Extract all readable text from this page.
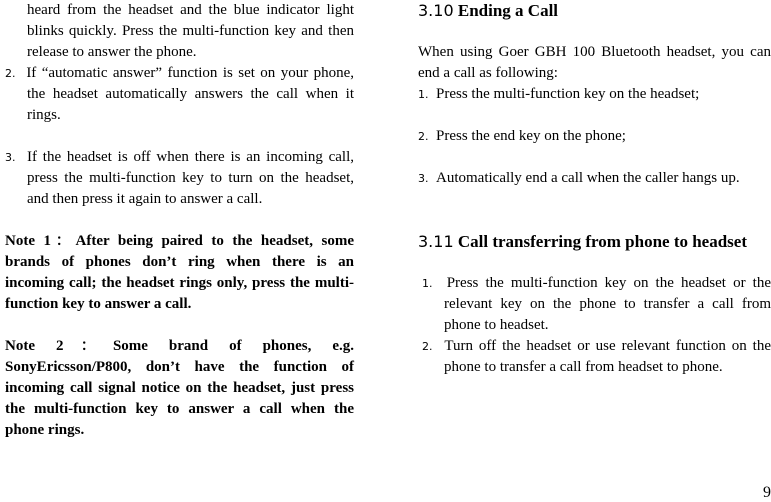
heard from the headset and the blue indicator light blinks quickly. Press the multi-function key and then release to answer the phone.

2. If “automatic answer” function is set on your phone, the headset automatically answers the call when it rings.

3. If the headset is off when there is an incoming call, press the multi-function key to turn on the headset, and then press it again to answer a call.

Note 1：After being paired to the headset, some brands of phones don’t ring when there is an incoming call; the headset rings only, press the multi-function key to answer a call.

Note 2：Some brand of phones, e.g. SonyEricsson/P800, don’t have the function of incoming call signal notice on the headset, just press the multi-function key to answer a call when the phone rings.

3.10 Ending a Call

When using Goer GBH 100 Bluetooth headset, you can end a call as following:

1. Press the multi-function key on the headset;

2. Press the end key on the phone;

3. Automatically end a call when the caller hangs up.

3.11 Call transferring from phone to headset

1. Press the multi-function key on the headset or the relevant key on the phone to transfer a call from phone to headset.

2. Turn off the headset or use relevant function on the phone to transfer a call from headset to phone.

9
